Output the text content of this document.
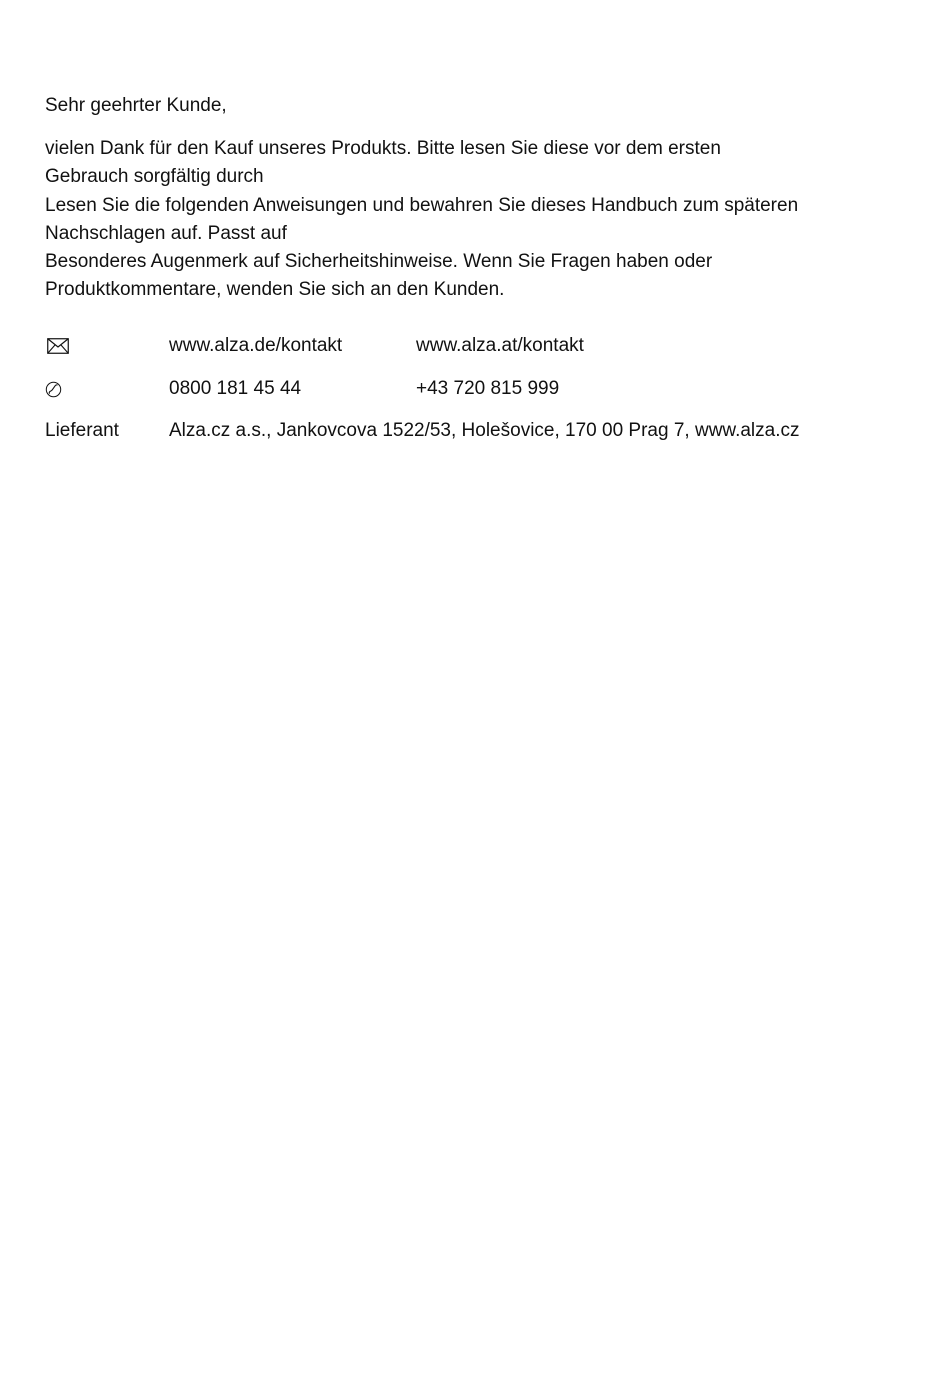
Sehr geehrter Kunde,
vielen Dank für den Kauf unseres Produkts. Bitte lesen Sie diese vor dem ersten
Gebrauch sorgfältig durch
Lesen Sie die folgenden Anweisungen und bewahren Sie dieses Handbuch zum späteren
Nachschlagen auf. Passt auf
Besonderes Augenmerk auf Sicherheitshinweise. Wenn Sie Fragen haben oder
Produktkommentare, wenden Sie sich an den Kunden.
www.alza.de/kontakt	www.alza.at/kontakt
0800 181 45 44	+43 720 815 999
Lieferant	Alza.cz a.s., Jankovcova 1522/53, Holešovice, 170 00 Prag 7, www.alza.cz
